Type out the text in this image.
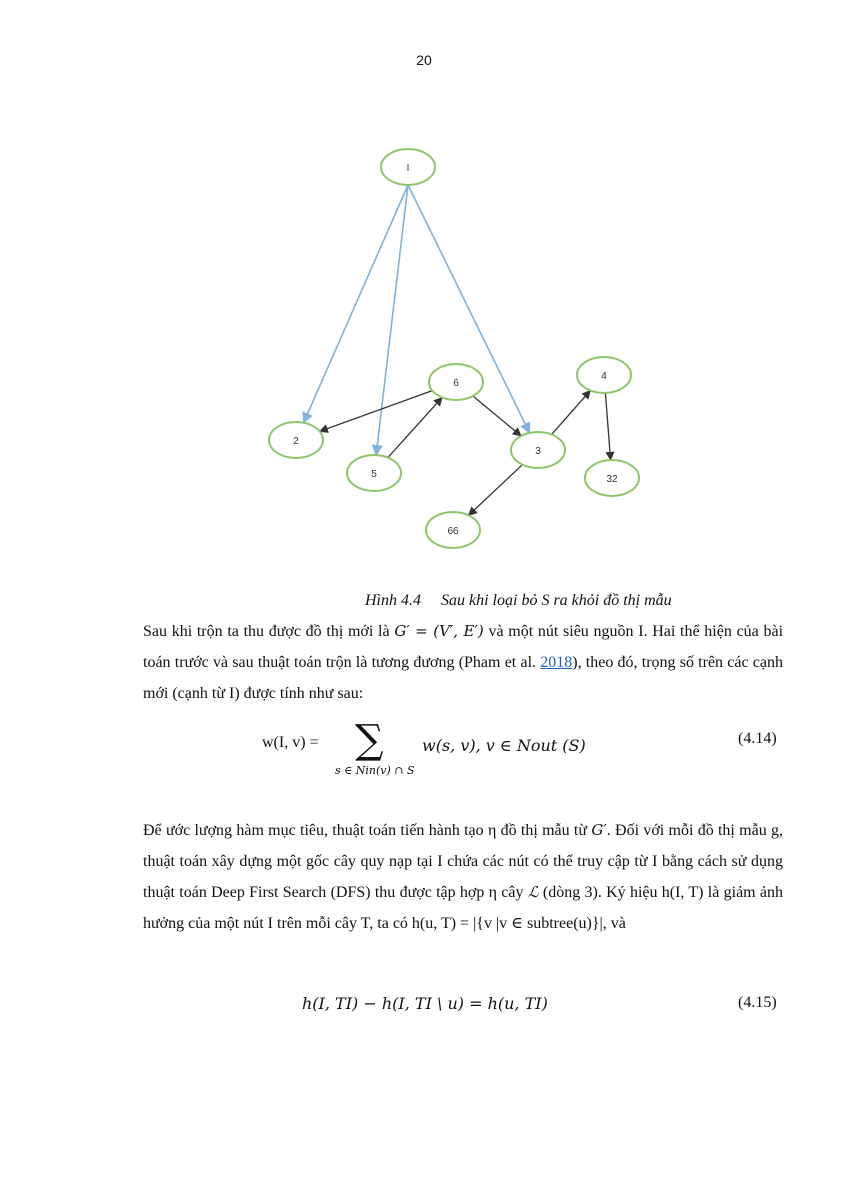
20
I
6
4
2
3
5	32
66
Hình 4.4 Sau khi loại bỏ S ra khỏi đồ thị mẫu
Sau khi trộn ta thu được đồ thị mới là G′ = (V′, E′) và một nút siêu nguồn I. Hai thể hiện của bài toán trước và sau thuật toán trộn là tương đương (Pham et al. 2018), theo đó, trọng số trên các cạnh mới (cạnh từ I) được tính như sau:
w(I, v) = ∑
s ∈ Nin(v) ∩ S
w(s, v), v ∈ Nout (S)	(4.14)
Để ước lượng hàm mục tiêu, thuật toán tiến hành tạo η đồ thị mẫu từ G′. Đối với mỗi đồ thị mẫu g, thuật toán xây dựng một gốc cây quy nạp tại I chứa các nút có thể truy cập từ I bằng cách sử dụng thuật toán Deep First Search (DFS) thu được tập hợp η cây ℒ (dòng 3). Ký hiệu h(I, T) là giảm ảnh hưởng của một nút I trên mỗi cây T, ta có h(u, T) = |{v |v ∈ subtree(u)}|, và
h(I, TI) − h(I, TI \ u) = h(u, TI)	(4.15)
